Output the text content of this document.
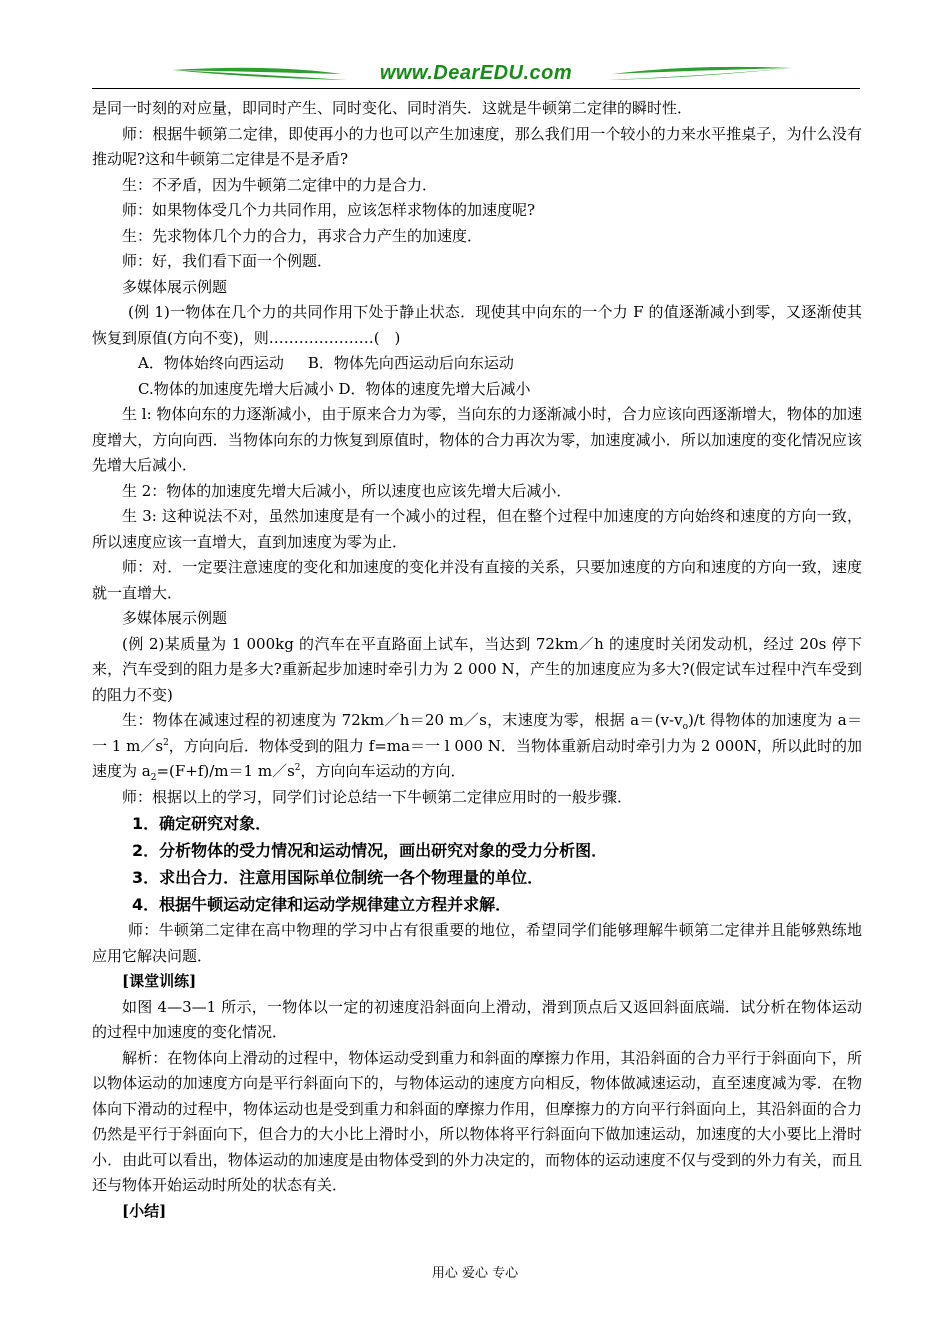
www.DearEDU.com

是同一时刻的对应量，即同时产生、同时变化、同时消失．这就是牛顿第二定律的瞬时性．

师：根据牛顿第二定律，即使再小的力也可以产生加速度，那么我们用一个较小的力来水平推桌子，为什么没有推动呢?这和牛顿第二定律是不是矛盾?

生：不矛盾，因为牛顿第二定律中的力是合力．

师：如果物体受几个力共同作用，应该怎样求物体的加速度呢?

生：先求物体几个力的合力，再求合力产生的加速度．

师：好，我们看下面一个例题．

多媒体展示例题

(例 1)一物体在几个力的共同作用下处于静止状态．现使其中向东的一个力 F 的值逐渐减小到零，又逐渐使其恢复到原值(方向不变)，则…………………(　)

A．物体始终向西运动 B．物体先向西运动后向东运动

C.物体的加速度先增大后减小 D．物体的速度先增大后减小

生 l: 物体向东的力逐渐减小，由于原来合力为零，当向东的力逐渐减小时，合力应该向西逐渐增大，物体的加速度增大，方向向西．当物体向东的力恢复到原值时，物体的合力再次为零，加速度减小．所以加速度的变化情况应该先增大后减小．

生 2：物体的加速度先增大后减小，所以速度也应该先增大后减小．

生 3: 这种说法不对，虽然加速度是有一个减小的过程，但在整个过程中加速度的方向始终和速度的方向一致，所以速度应该一直增大，直到加速度为零为止．

师：对．一定要注意速度的变化和加速度的变化并没有直接的关系，只要加速度的方向和速度的方向一致，速度就一直增大．

多媒体展示例题

(例 2)某质量为 1 000kg 的汽车在平直路面上试车，当达到 72km／h 的速度时关闭发动机，经过 20s 停下来，汽车受到的阻力是多大?重新起步加速时牵引力为 2 000 N，产生的加速度应为多大?(假定试车过程中汽车受到的阻力不变)

生：物体在减速过程的初速度为 72km／h＝20 m／s，末速度为零，根据 $a=(v-v_o)/t$ 得物体的加速度为 a＝一 1 $m/s^2$，方向向后．物体受到的阻力 f=ma＝一 l 000 N．当物体重新启动时牵引力为 2 000N，所以此时的加速度为 $a_2=(F+f)/m=1$ $m/s^2$，方向向车运动的方向．

师：根据以上的学习，同学们讨论总结一下牛顿第二定律应用时的一般步骤．

1．确定研究对象．

2．分析物体的受力情况和运动情况，画出研究对象的受力分析图．

3．求出合力．注意用国际单位制统一各个物理量的单位．

4．根据牛顿运动定律和运动学规律建立方程并求解．

师：牛顿第二定律在高中物理的学习中占有很重要的地位，希望同学们能够理解牛顿第二定律并且能够熟练地应用它解决问题．

[课堂训练]

如图 4—3—1 所示，一物体以一定的初速度沿斜面向上滑动，滑到顶点后又返回斜面底端．试分析在物体运动的过程中加速度的变化情况．

解析：在物体向上滑动的过程中，物体运动受到重力和斜面的摩擦力作用，其沿斜面的合力平行于斜面向下，所以物体运动的加速度方向是平行斜面向下的，与物体运动的速度方向相反，物体做减速运动，直至速度减为零．在物体向下滑动的过程中，物体运动也是受到重力和斜面的摩擦力作用，但摩擦力的方向平行斜面向上，其沿斜面的合力仍然是平行于斜面向下，但合力的大小比上滑时小，所以物体将平行斜面向下做加速运动，加速度的大小要比上滑时小．由此可以看出，物体运动的加速度是由物体受到的外力决定的，而物体的运动速度不仅与受到的外力有关，而且还与物体开始运动时所处的状态有关．

[小结]

用心 爱心 专心
